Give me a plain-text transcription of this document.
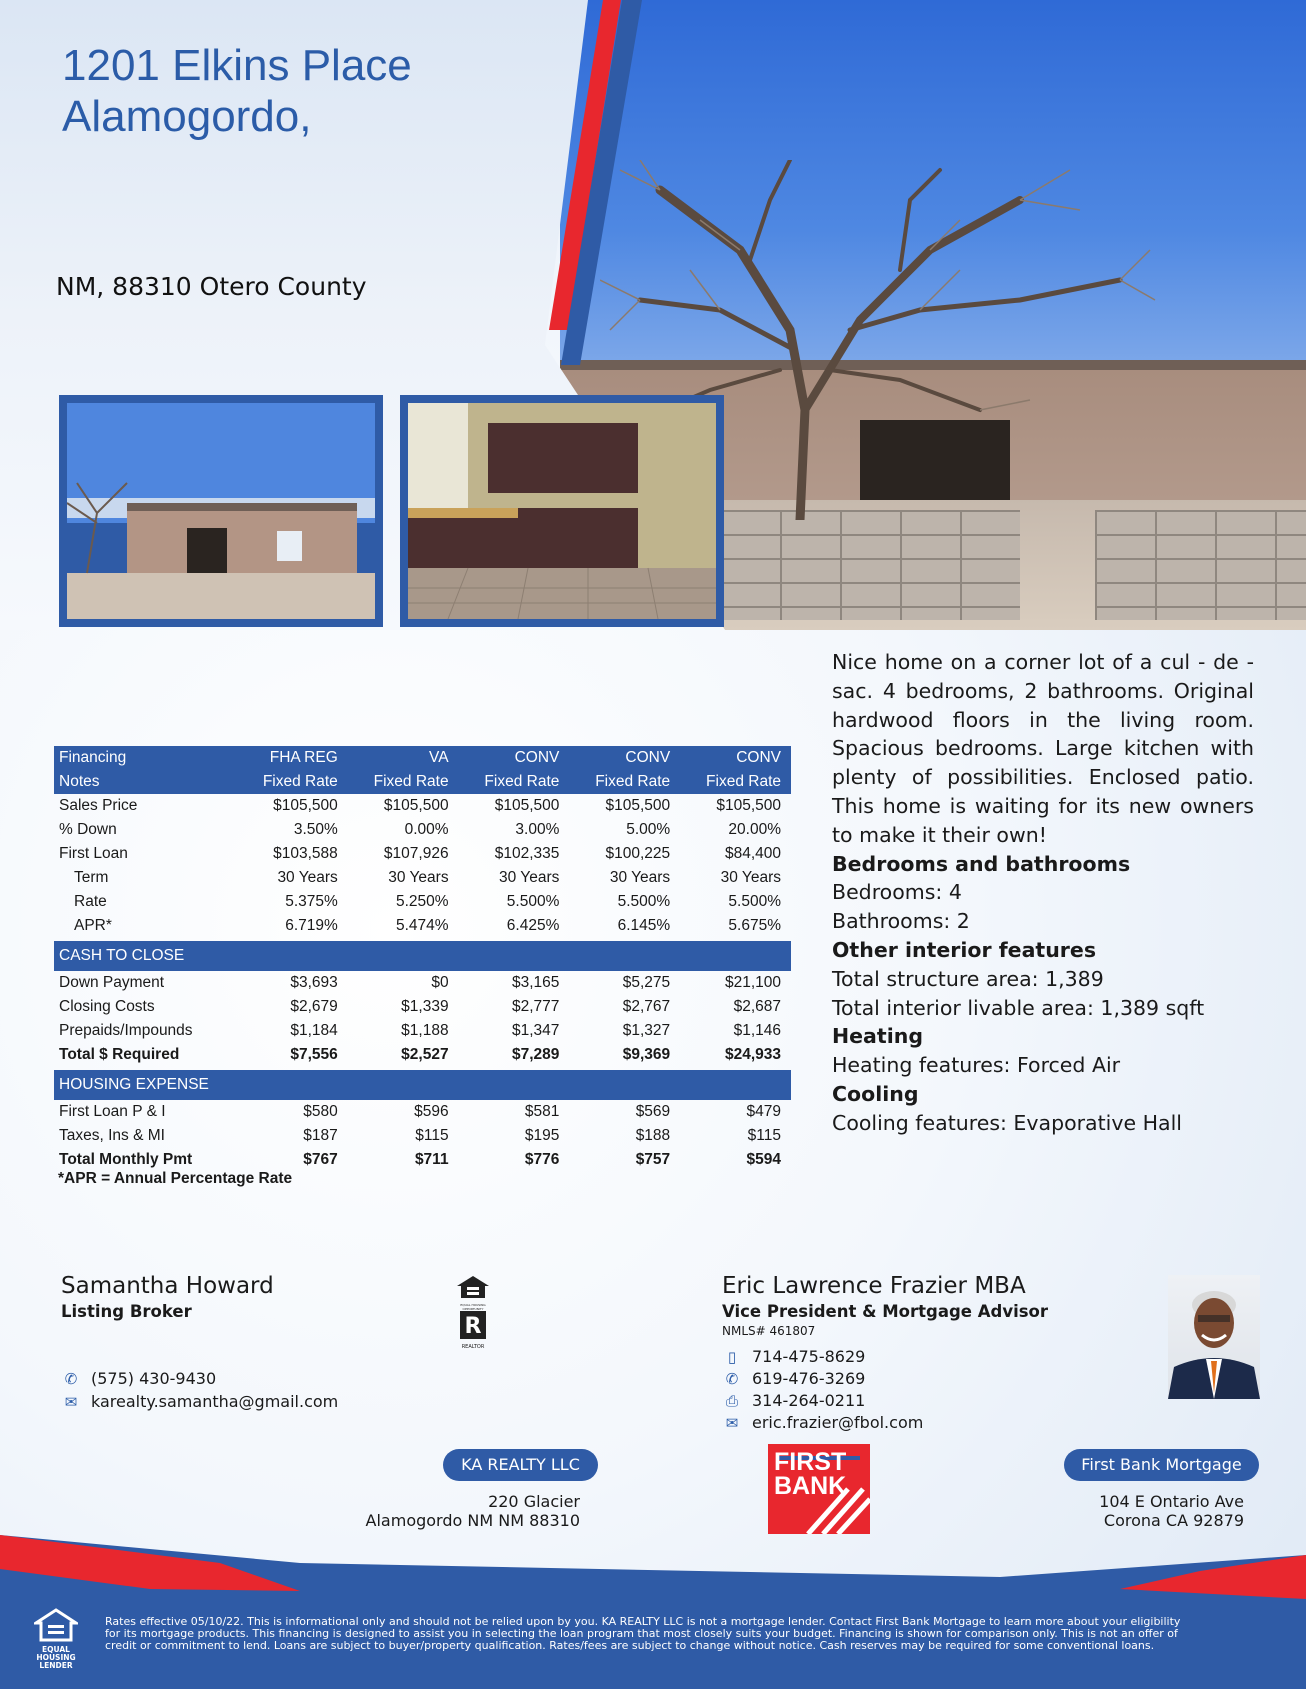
1201 Elkins Place Alamogordo,
NM, 88310 Otero County

Nice home on a corner lot of a cul - de - sac. 4 bedrooms, 2 bathrooms. Original hardwood floors in the living room. Spacious bedrooms. Large kitchen with plenty of possibilities. Enclosed patio. This home is waiting for its new owners to make it their own!

Bedrooms and bathrooms
Bedrooms: 4
Bathrooms: 2
Other interior features
Total structure area: 1,389
Total interior livable area: 1,389 sqft
Heating
Heating features: Forced Air
Cooling
Cooling features: Evaporative Hall
Financing	FHA REG	VA	CONV	CONV	CONV
Notes	Fixed Rate	Fixed Rate	Fixed Rate	Fixed Rate	Fixed Rate
Sales Price	$105,500	$105,500	$105,500	$105,500	$105,500
% Down	3.50%	0.00%	3.00%	5.00%	20.00%
First Loan	$103,588	$107,926	$102,335	$100,225	$84,400
Term	30 Years	30 Years	30 Years	30 Years	30 Years
Rate	5.375%	5.250%	5.500%	5.500%	5.500%
APR*	6.719%	5.474%	6.425%	6.145%	5.675%

CASH TO CLOSE					
Down Payment	$3,693	$0	$3,165	$5,275	$21,100
Closing Costs	$2,679	$1,339	$2,777	$2,767	$2,687
Prepaids/Impounds	$1,184	$1,188	$1,347	$1,327	$1,146
Total $ Required	$7,556	$2,527	$7,289	$9,369	$24,933

HOUSING EXPENSE					
First Loan P & I	$580	$596	$581	$569	$479
Taxes, Ins & MI	$187	$115	$195	$188	$115
Total Monthly Pmt	$767	$711	$776	$757	$594
*APR = Annual Percentage Rate
Samantha Howard
Listing Broker
✆ (575) 430-9430
✉ karealty.samantha@gmail.com
EQUAL HOUSING OPPORTUNITY
R
REALTOR
Eric Lawrence Frazier MBA
Vice President & Mortgage Advisor
NMLS# 461807
▯ 714-475-8629
✆ 619-476-3269
⎙ 314-264-0211
✉ eric.frazier@fbol.com
KA REALTY LLC
220 Glacier
Alamogordo NM NM 88310
FIRST
BANK
First Bank Mortgage
104 E Ontario Ave
Corona CA 92879
EQUAL HOUSING
LENDER
Rates effective 05/10/22. This is informational only and should not be relied upon by you. KA REALTY LLC is not a mortgage lender. Contact First Bank Mortgage to learn more about your eligibility for its mortgage products. This financing is designed to assist you in selecting the loan program that most closely suits your budget. Financing is shown for comparison only. This is not an offer of credit or commitment to lend. Loans are subject to buyer/property qualification. Rates/fees are subject to change without notice. Cash reserves may be required for some conventional loans.
